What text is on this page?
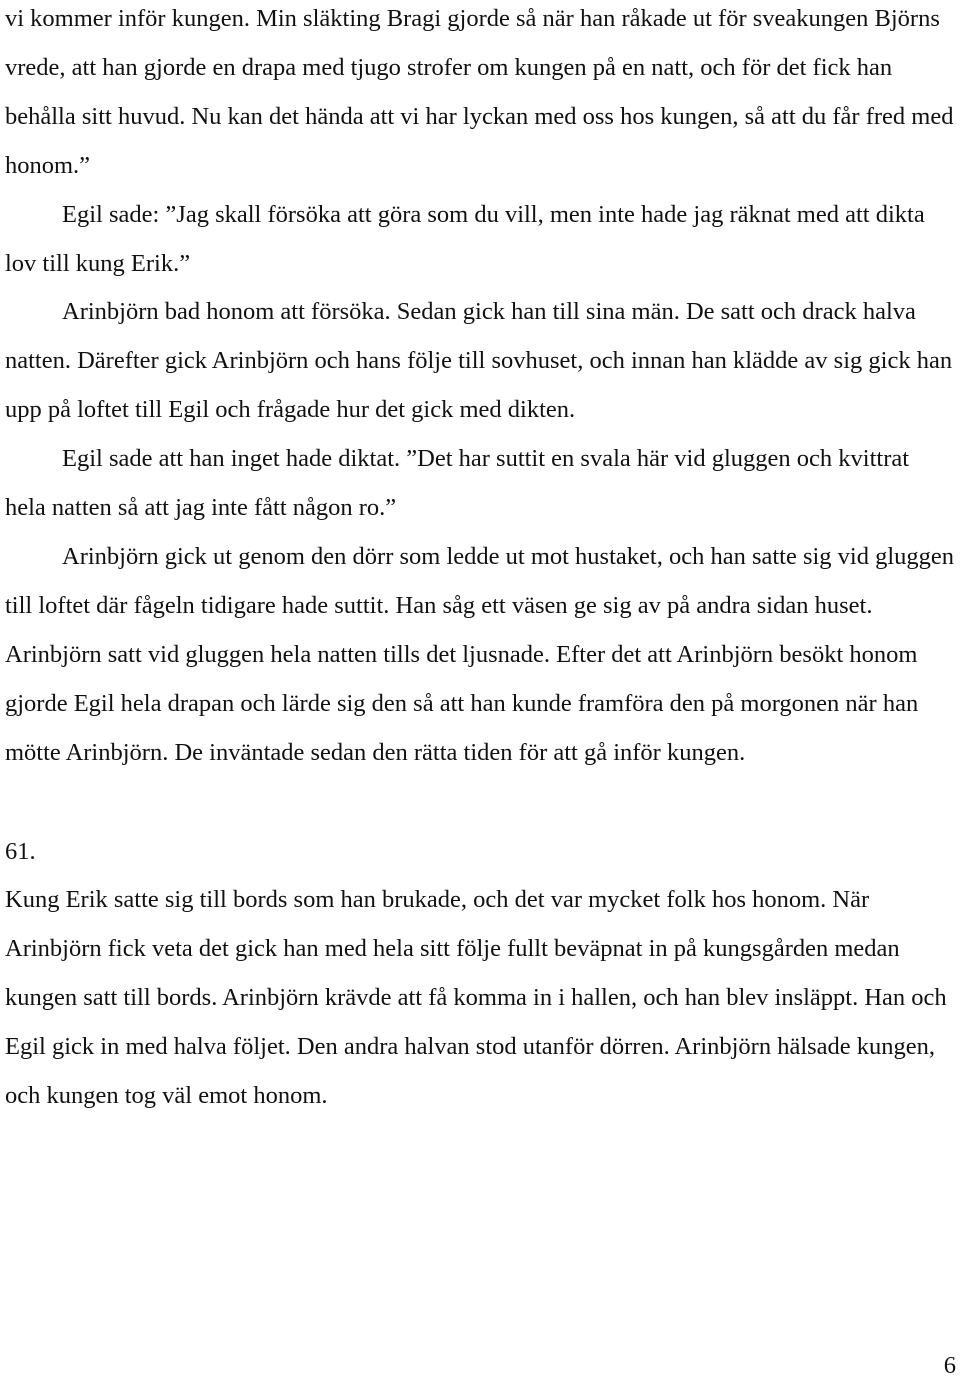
vi kommer inför kungen. Min släkting Bragi gjorde så när han råkade ut för sveakungen Björns vrede, att han gjorde en drapa med tjugo strofer om kungen på en natt, och för det fick han behålla sitt huvud. Nu kan det hända att vi har lyckan med oss hos kungen, så att du får fred med honom.”

Egil sade: ”Jag skall försöka att göra som du vill, men inte hade jag räknat med att dikta lov till kung Erik.”

Arinbjörn bad honom att försöka. Sedan gick han till sina män. De satt och drack halva natten. Därefter gick Arinbjörn och hans följe till sovhuset, och innan han klädde av sig gick han upp på loftet till Egil och frågade hur det gick med dikten.

Egil sade att han inget hade diktat. ”Det har suttit en svala här vid gluggen och kvittrat hela natten så att jag inte fått någon ro.”

Arinbjörn gick ut genom den dörr som ledde ut mot hustaket, och han satte sig vid gluggen till loftet där fågeln tidigare hade suttit. Han såg ett väsen ge sig av på andra sidan huset. Arinbjörn satt vid gluggen hela natten tills det ljusnade. Efter det att Arinbjörn besökt honom gjorde Egil hela drapan och lärde sig den så att han kunde framföra den på morgonen när han mötte Arinbjörn. De inväntade sedan den rätta tiden för att gå inför kungen.

61.

Kung Erik satte sig till bords som han brukade, och det var mycket folk hos honom. När Arinbjörn fick veta det gick han med hela sitt följe fullt beväpnat in på kungsgården medan kungen satt till bords. Arinbjörn krävde att få komma in i hallen, och han blev insläppt. Han och Egil gick in med halva följet. Den andra halvan stod utanför dörren. Arinbjörn hälsade kungen, och kungen tog väl emot honom.

6
